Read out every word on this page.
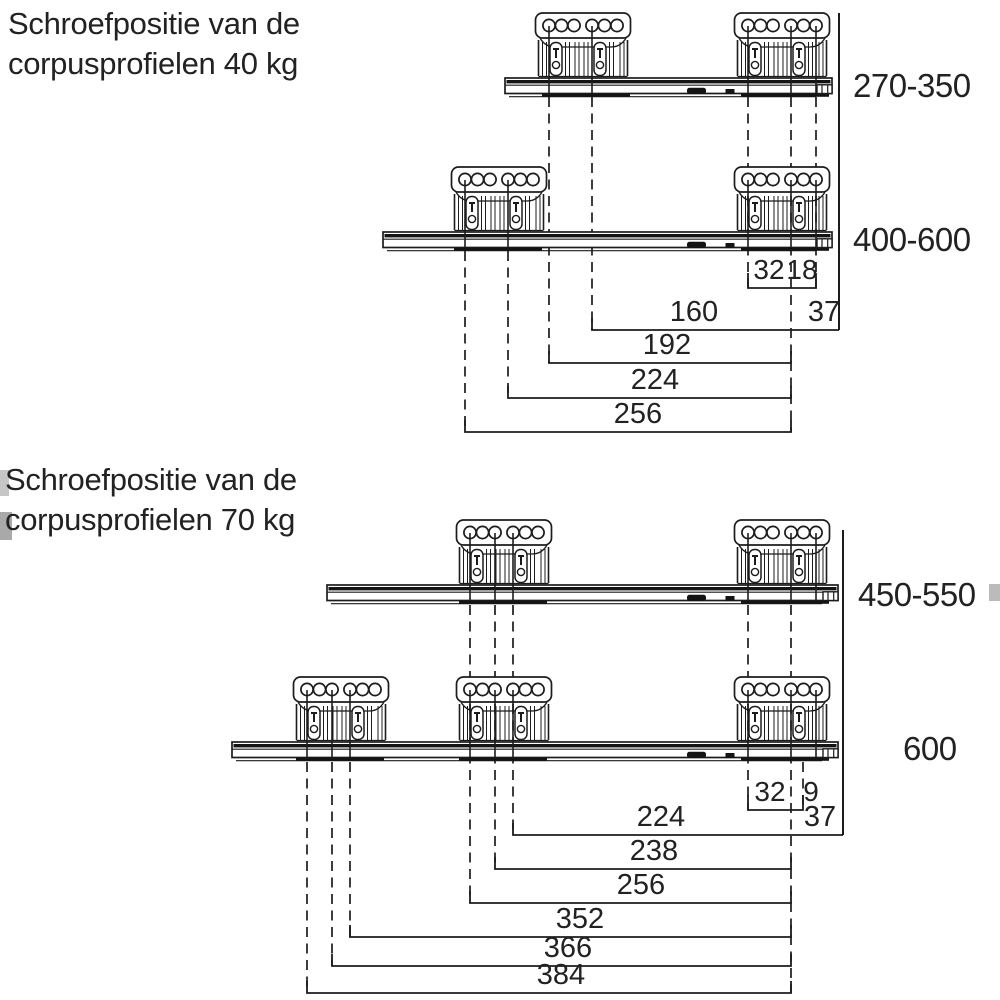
Schroefpositie van de
corpusprofielen 40 kg
270-350
400-600
32 18
160	37
192
224
256
Schroefpositie van de
corpusprofielen 70 kg
450-550
600
32 9
224	37
238
256
352
366
384
